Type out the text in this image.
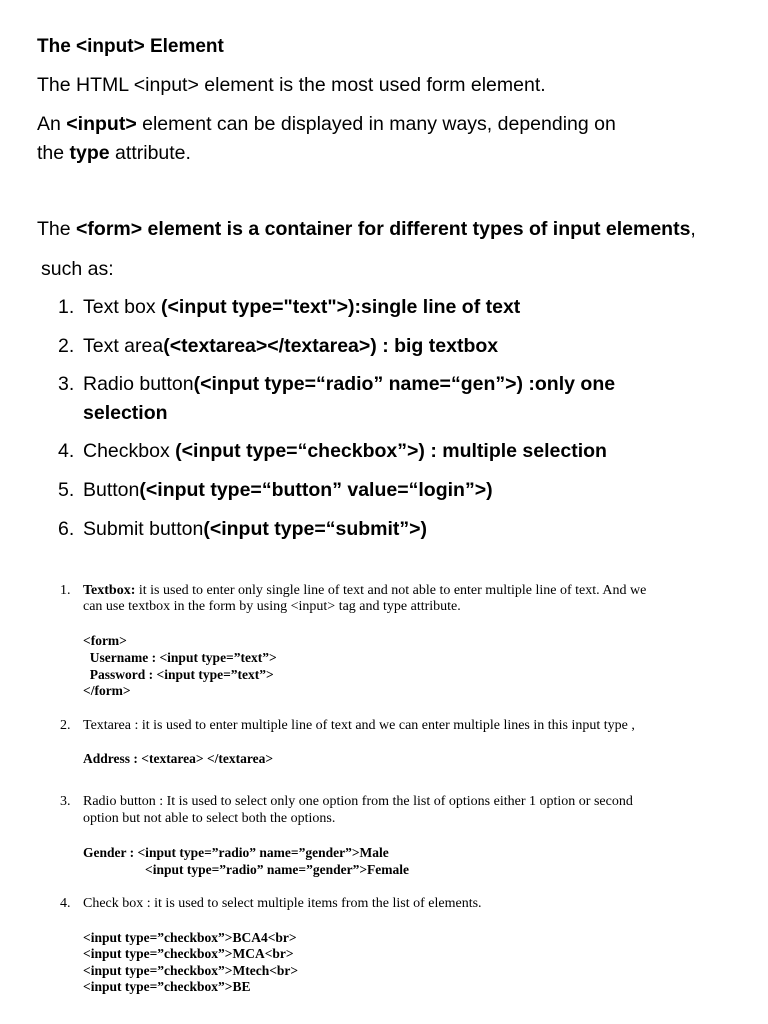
The <input> Element
The HTML <input> element is the most used form element.
An <input> element can be displayed in many ways, depending on
the type attribute.
The <form> element is a container for different types of input elements,
such as:
1. Text box (<input type="text">):single line of text
2. Text area(<textarea></textarea>) : big textbox
3. Radio button(<input type=“radio” name=“gen”>) :only one
selection
4. Checkbox (<input type=“checkbox”>) : multiple selection
5. Button(<input type=“button” value=“login”>)
6. Submit button(<input type=“submit”>)
1. Textbox: it is used to enter only single line of text and not able to enter multiple line of text. And we
can use textbox in the form by using <input> tag and type attribute.
<form>
Username : <input type=”text”>
Password : <input type=”text”>
</form>
2. Textarea : it is used to enter multiple line of text and we can enter multiple lines in this input type ,
Address : <textarea> </textarea>
3. Radio button : It is used to select only one option from the list of options either 1 option or second
option but not able to select both the options.
Gender : <input type=”radio” name=”gender”>Male
<input type=”radio” name=”gender”>Female
4. Check box : it is used to select multiple items from the list of elements.
<input type=”checkbox”>BCA4<br>
<input type=”checkbox”>MCA<br>
<input type=”checkbox”>Mtech<br>
<input type=”checkbox”>BE
